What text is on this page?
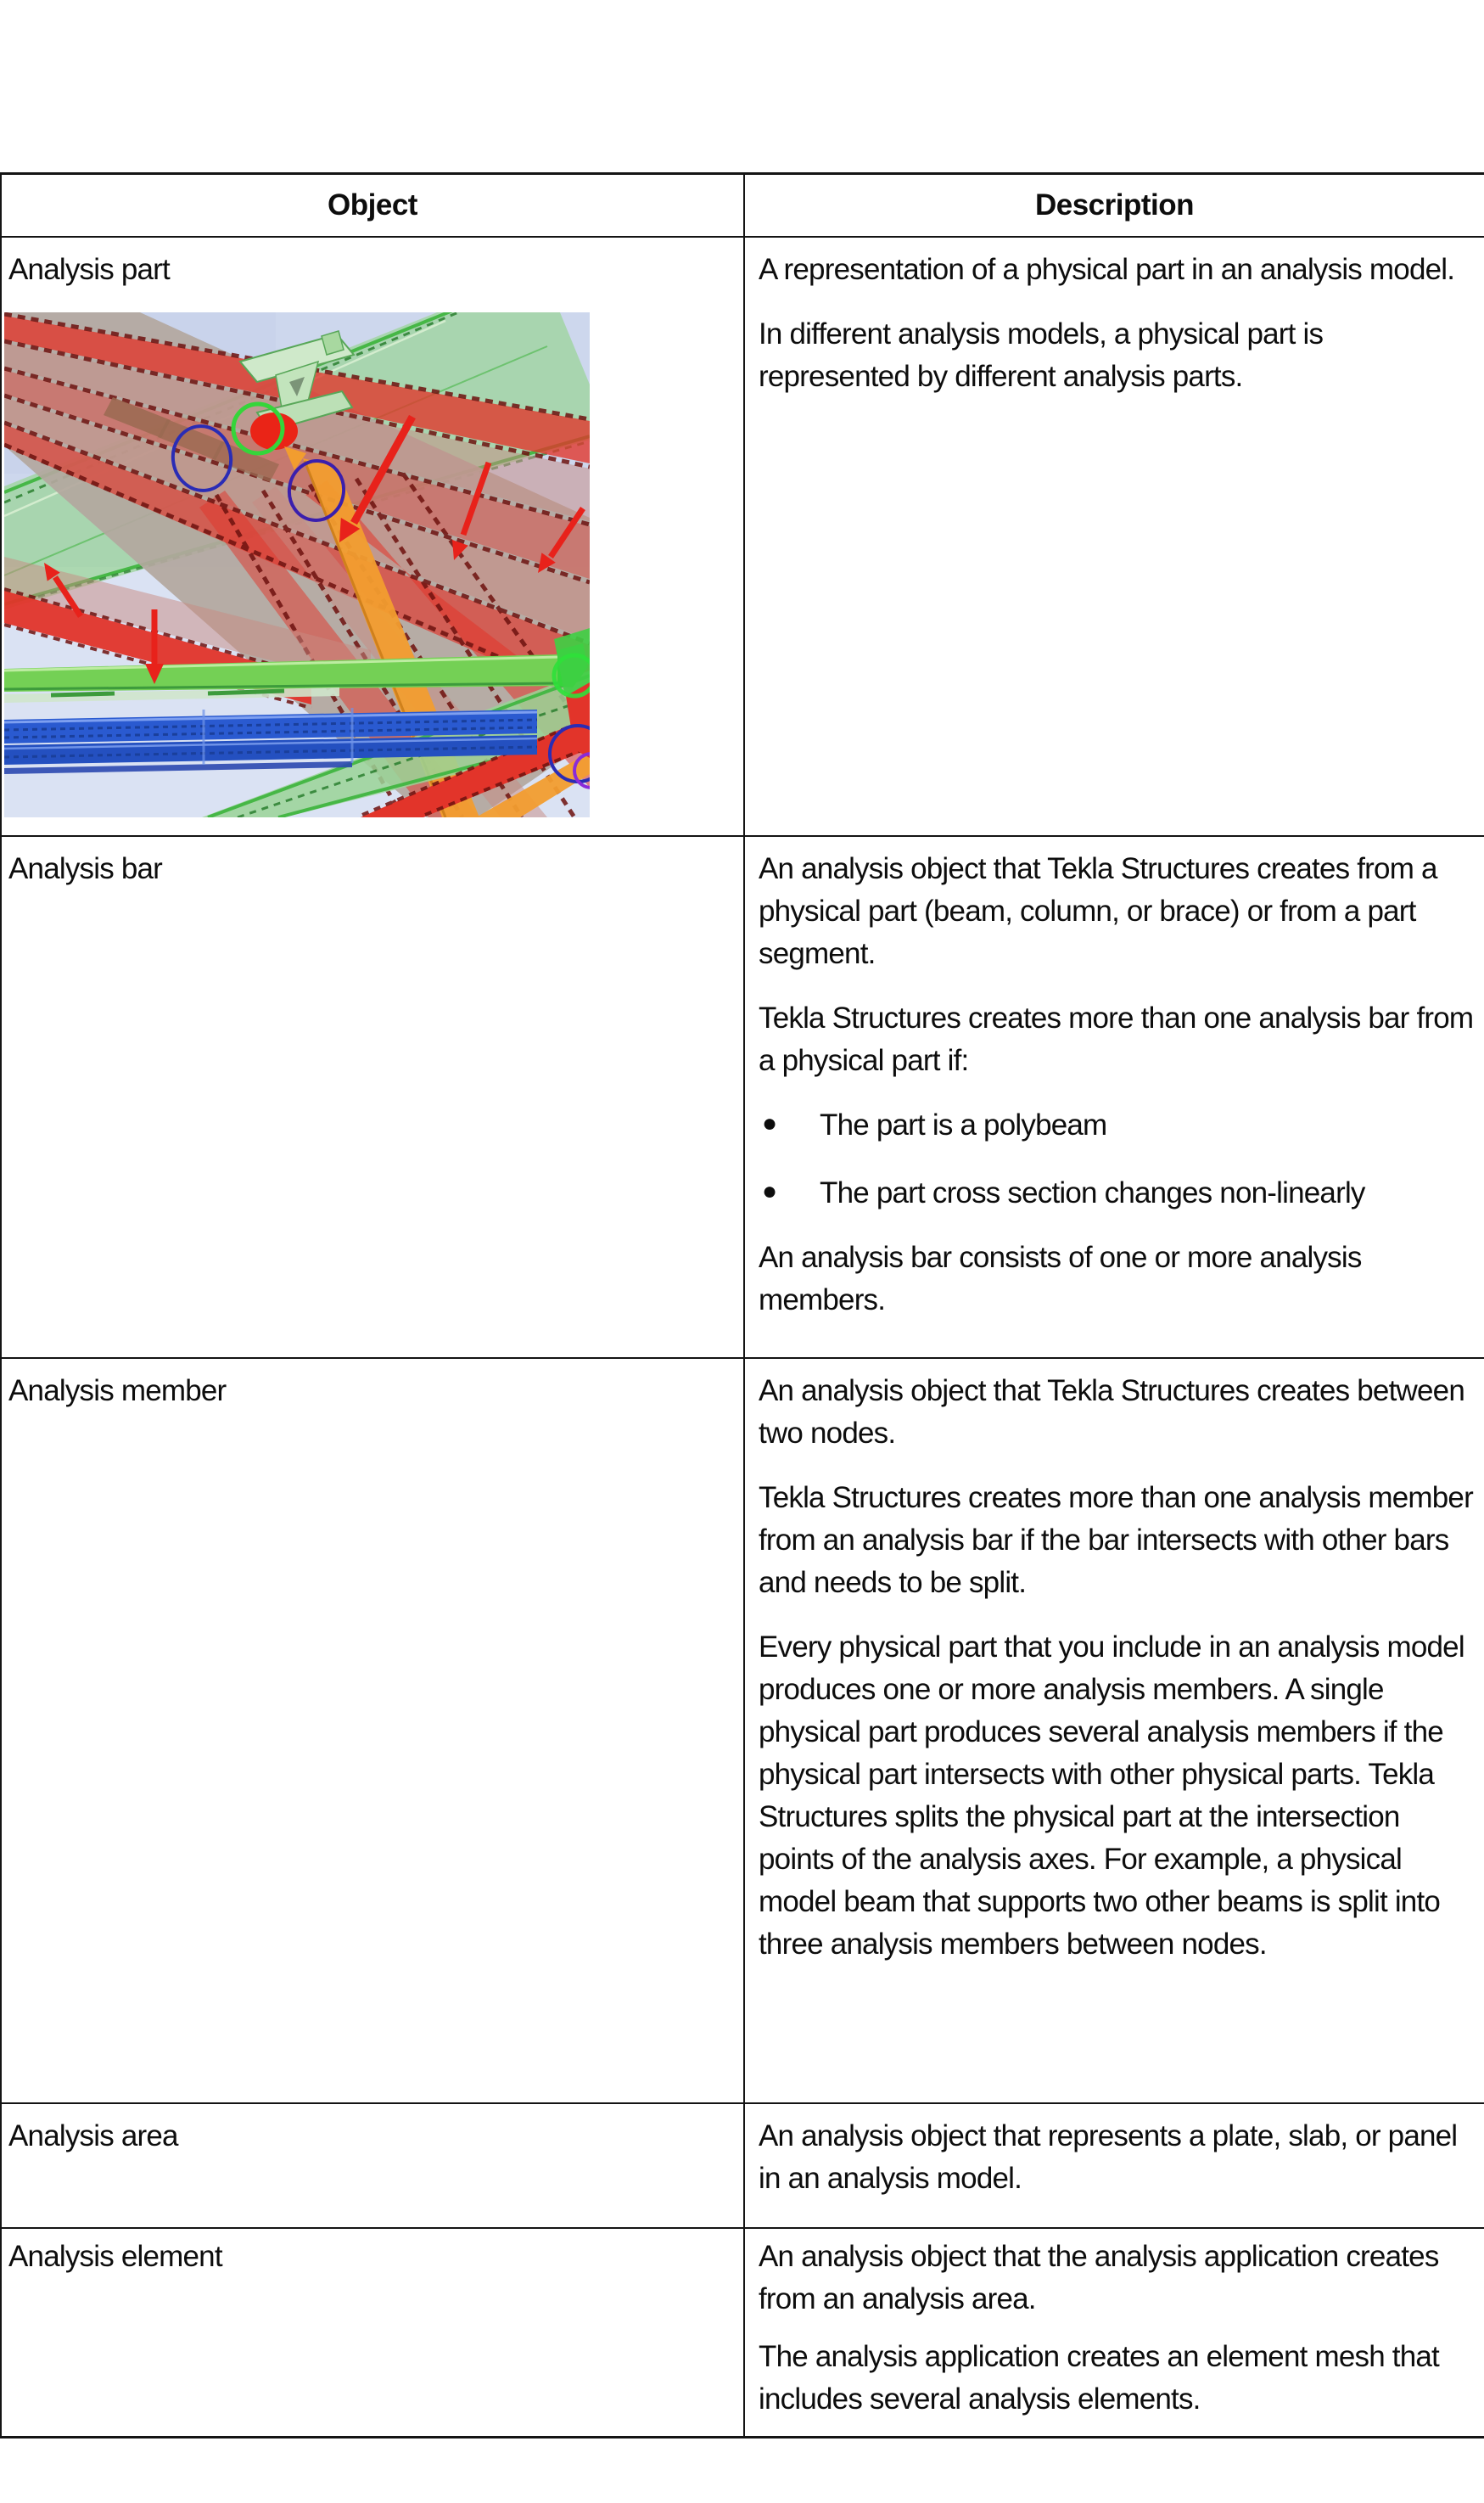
Object	Description
Analysis part	A representation of a physical part in an analysis model.

In different analysis models, a physical part is represented by different analysis parts.

Analysis bar	An analysis object that Tekla Structures creates from a physical part (beam, column, or brace) or from a part segment.

Tekla Structures creates more than one analysis bar from a physical part if:

● The part is a polybeam
● The part cross section changes non-linearly

An analysis bar consists of one or more analysis members.

Analysis member	An analysis object that Tekla Structures creates between two nodes.

Tekla Structures creates more than one analysis member from an analysis bar if the bar intersects with other bars and needs to be split.

Every physical part that you include in an analysis model produces one or more analysis members. A single physical part produces several analysis members if the physical part intersects with other physical parts. Tekla Structures splits the physical part at the intersection points of the analysis axes. For example, a physical model beam that supports two other beams is split into three analysis members between nodes.

Analysis area	An analysis object that represents a plate, slab, or panel in an analysis model.

Analysis element	An analysis object that the analysis application creates from an analysis area.

The analysis application creates an element mesh that includes several analysis elements.
